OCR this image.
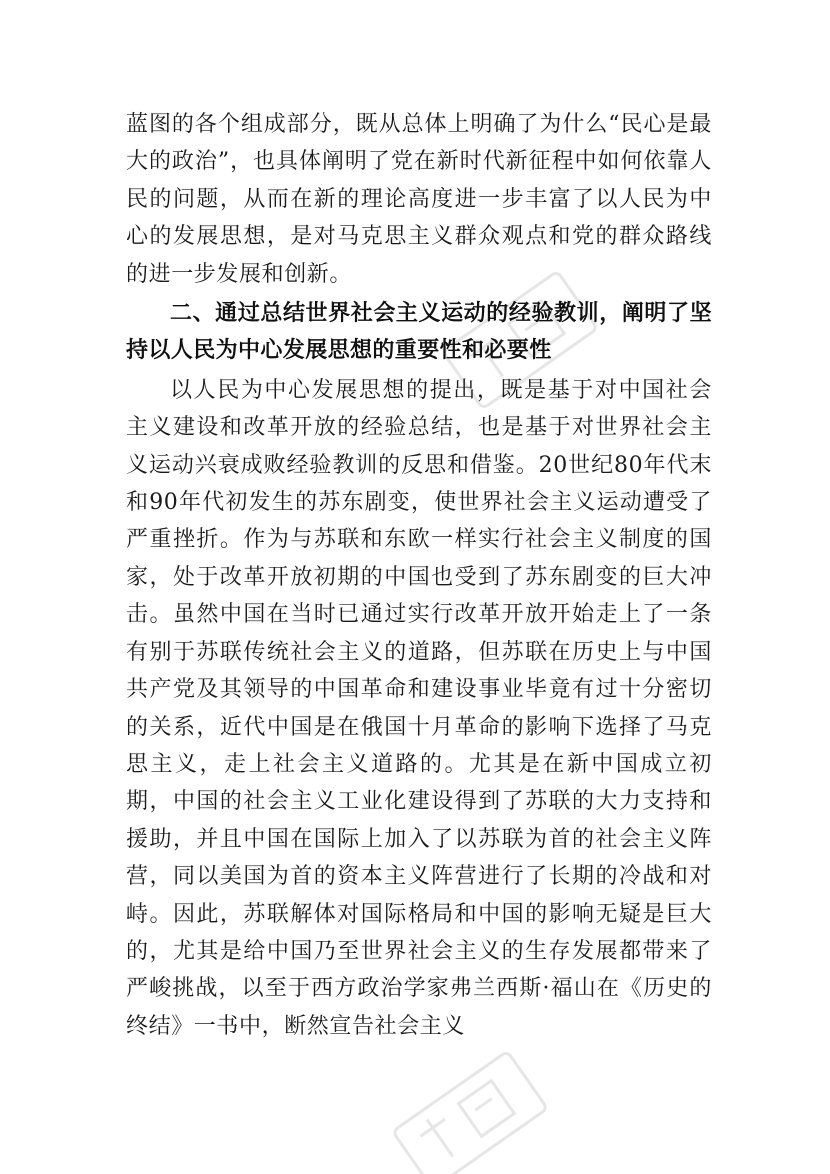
蓝图的各个组成部分，既从总体上明确了为什么“民心是最大的政治”，也具体阐明了党在新时代新征程中如何依靠人民的问题，从而在新的理论高度进一步丰富了以人民为中心的发展思想，是对马克思主义群众观点和党的群众路线的进一步发展和创新。

二、通过总结世界社会主义运动的经验教训，阐明了坚持以人民为中心发展思想的重要性和必要性

以人民为中心发展思想的提出，既是基于对中国社会主义建设和改革开放的经验总结，也是基于对世界社会主义运动兴衰成败经验教训的反思和借鉴。20世纪80年代末和90年代初发生的苏东剧变，使世界社会主义运动遭受了严重挫折。作为与苏联和东欧一样实行社会主义制度的国家，处于改革开放初期的中国也受到了苏东剧变的巨大冲击。虽然中国在当时已通过实行改革开放开始走上了一条有别于苏联传统社会主义的道路，但苏联在历史上与中国共产党及其领导的中国革命和建设事业毕竟有过十分密切的关系，近代中国是在俄国十月革命的影响下选择了马克思主义，走上社会主义道路的。尤其是在新中国成立初期，中国的社会主义工业化建设得到了苏联的大力支持和援助，并且中国在国际上加入了以苏联为首的社会主义阵营，同以美国为首的资本主义阵营进行了长期的冷战和对峙。因此，苏联解体对国际格局和中国的影响无疑是巨大的，尤其是给中国乃至世界社会主义的生存发展都带来了严峻挑战，以至于西方政治学家弗兰西斯·福山在《历史的终结》一书中，断然宣告社会主义
